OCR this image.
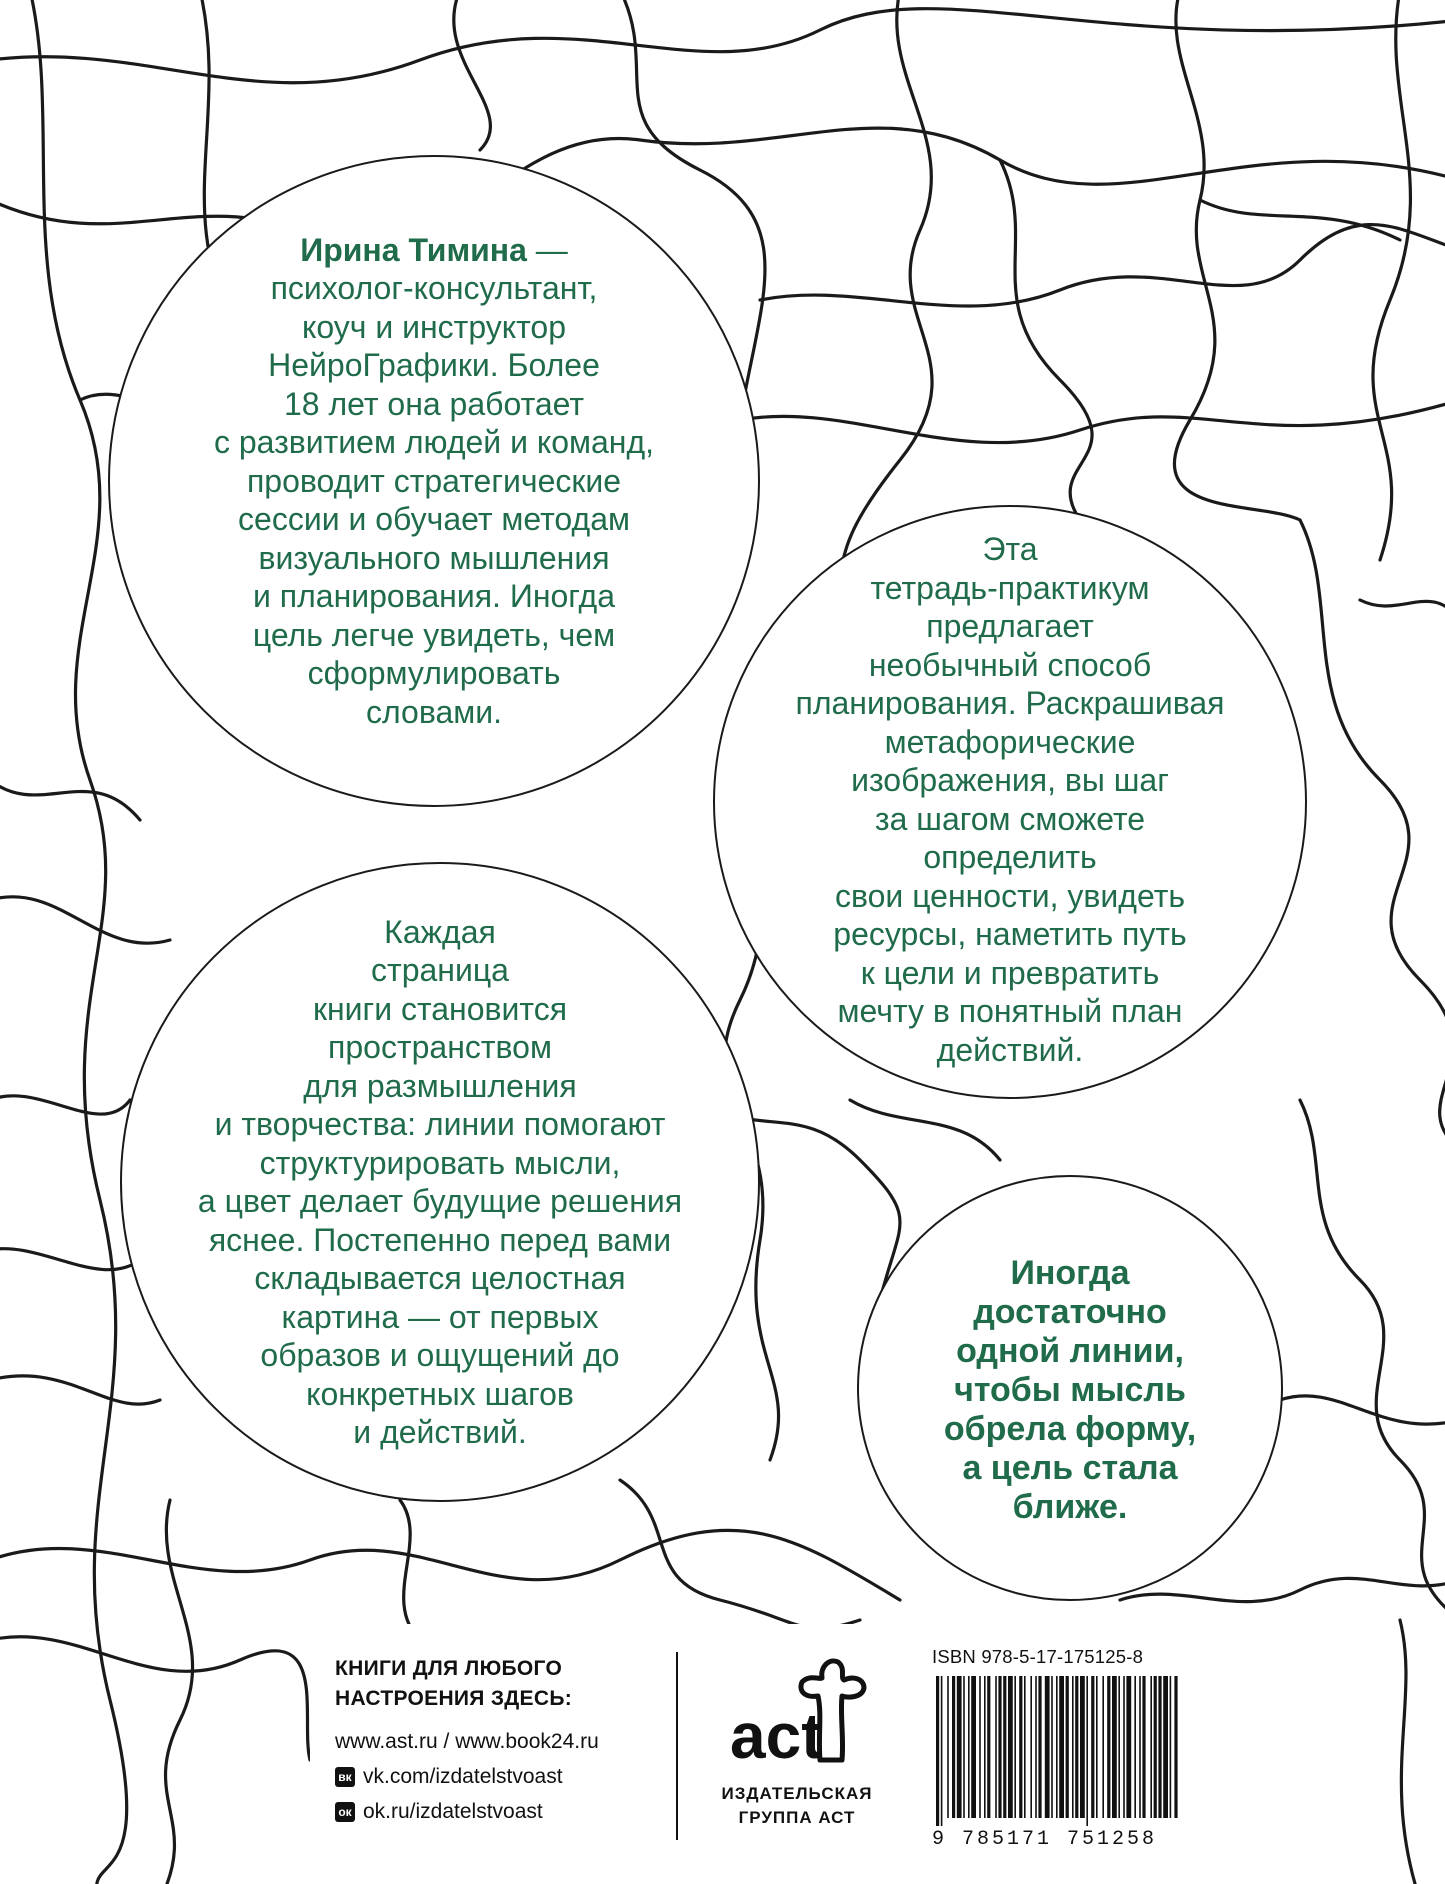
Ирина Тимина —
психолог-консультант,
коуч и инструктор
НейроГрафики. Более
18 лет она работает
с развитием людей и команд,
проводит стратегические
сессии и обучает методам
визуального мышления
и планирования. Иногда
цель легче увидеть, чем
сформулировать
словами.
Эта
тетрадь-практикум
предлагает
необычный способ
планирования. Раскрашивая
метафорические
изображения, вы шаг
за шагом сможете определить
свои ценности, увидеть
ресурсы, наметить путь
к цели и превратить
мечту в понятный план
действий.
Каждая
страница
книги становится
пространством
для размышления
и творчества: линии помогают
структурировать мысли,
а цвет делает будущие решения
яснее. Постепенно перед вами
складывается целостная
картина — от первых
образов и ощущений до
конкретных шагов
и действий.
Иногда
достаточно
одной линии,
чтобы мысль
обрела форму,
а цель стала
ближе.
КНИГИ ДЛЯ ЛЮБОГО
НАСТРОЕНИЯ ЗДЕСЬ:
www.ast.ru / www.book24.ru
вк vk.com/izdatelstvoast
ок ok.ru/izdatelstvoast
act
ИЗДАТЕЛЬСКАЯ
ГРУППА АСТ
ISBN 978-5-17-175125-8
9 785171 751258
